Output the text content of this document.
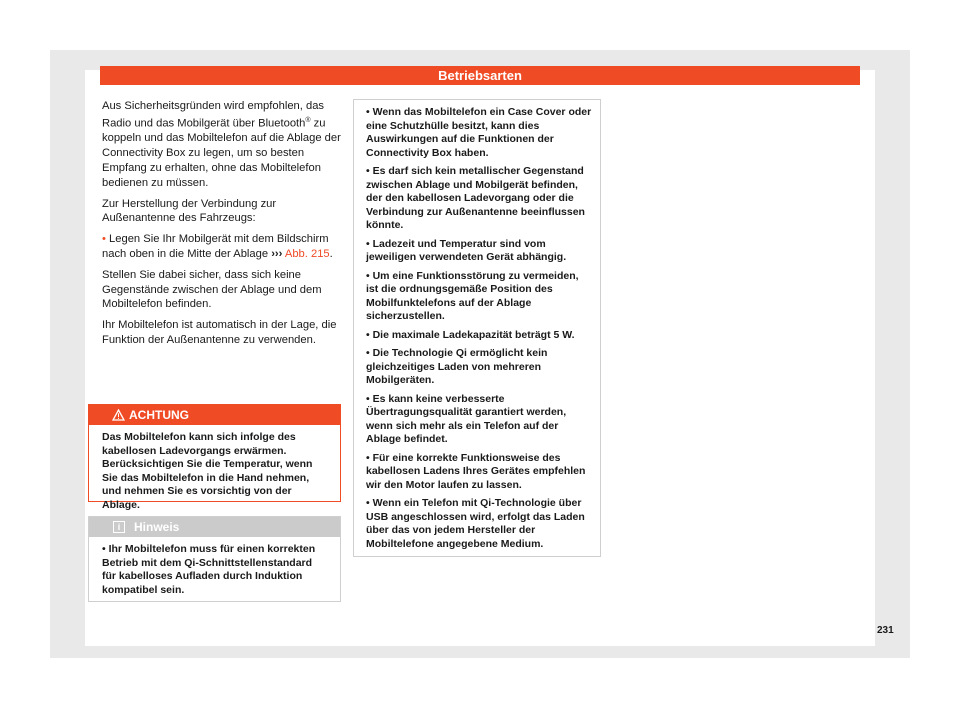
Betriebsarten

Aus Sicherheitsgründen wird empfohlen, das Radio und das Mobilgerät über Bluetooth® zu koppeln und das Mobiltelefon auf die Ablage der Connectivity Box zu legen, um so besten Empfang zu erhalten, ohne das Mobiltelefon bedienen zu müssen.

Zur Herstellung der Verbindung zur Außenantenne des Fahrzeugs:

• Legen Sie Ihr Mobilgerät mit dem Bildschirm nach oben in die Mitte der Ablage ››› Abb. 215.

Stellen Sie dabei sicher, dass sich keine Gegenstände zwischen der Ablage und dem Mobiltelefon befinden.

Ihr Mobiltelefon ist automatisch in der Lage, die Funktion der Außenantenne zu verwenden.

ACHTUNG
Das Mobiltelefon kann sich infolge des kabellosen Ladevorgangs erwärmen. Berücksichtigen Sie die Temperatur, wenn Sie das Mobiltelefon in die Hand nehmen, und nehmen Sie es vorsichtig von der Ablage.
i	Hinweis
• Ihr Mobiltelefon muss für einen korrekten Betrieb mit dem Qi-Schnittstellenstandard für kabelloses Aufladen durch Induktion kompatibel sein.
• Wenn das Mobiltelefon ein Case Cover oder eine Schutzhülle besitzt, kann dies Auswirkungen auf die Funktionen der Connectivity Box haben.
• Es darf sich kein metallischer Gegenstand zwischen Ablage und Mobilgerät befinden, der den kabellosen Ladevorgang oder die Verbindung zur Außenantenne beeinflussen könnte.
• Ladezeit und Temperatur sind vom jeweiligen verwendeten Gerät abhängig.
• Um eine Funktionsstörung zu vermeiden, ist die ordnungsgemäße Position des Mobilfunktelefons auf der Ablage sicherzustellen.
• Die maximale Ladekapazität beträgt 5 W.
• Die Technologie Qi ermöglicht kein gleichzeitiges Laden von mehreren Mobilgeräten.
• Es kann keine verbesserte Übertragungsqualität garantiert werden, wenn sich mehr als ein Telefon auf der Ablage befindet.
• Für eine korrekte Funktionsweise des kabellosen Ladens Ihres Gerätes empfehlen wir den Motor laufen zu lassen.
• Wenn ein Telefon mit Qi-Technologie über USB angeschlossen wird, erfolgt das Laden über das von jedem Hersteller der Mobiltelefone angegebene Medium.
231
